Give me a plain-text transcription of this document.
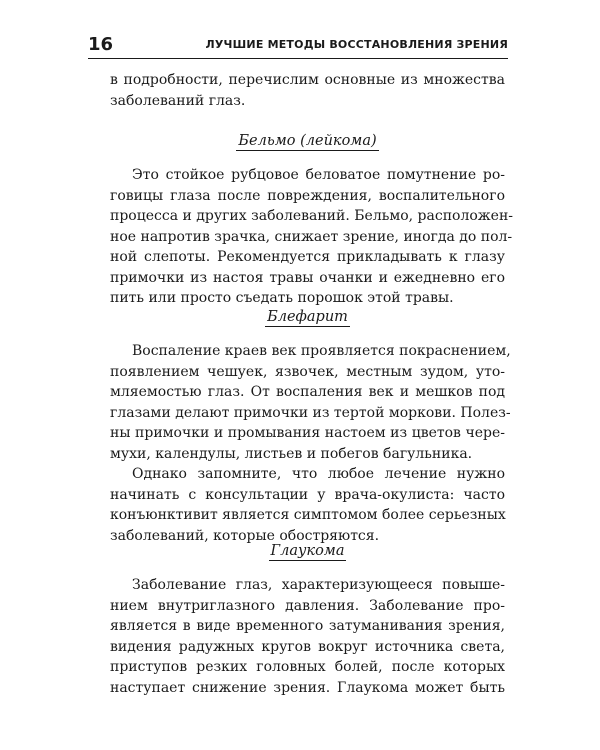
16	ЛУЧШИЕ МЕТОДЫ ВОССТАНОВЛЕНИЯ ЗРЕНИЯ
в подробности, перечислим основные из множества
заболеваний глаз.
Бельмо (лейкома)
Это стойкое рубцовое беловатое помутнение ро-
говицы глаза после повреждения, воспалительного
процесса и других заболеваний. Бельмо, расположен-
ное напротив зрачка, снижает зрение, иногда до пол-
ной слепоты. Рекомендуется прикладывать к глазу
примочки из настоя травы очанки и ежедневно его
пить или просто съедать порошок этой травы.
Блефарит
Воспаление краев век проявляется покраснением,
появлением чешуек, язвочек, местным зудом, уто-
мляемостью глаз. От воспаления век и мешков под
глазами делают примочки из тертой моркови. Полез-
ны примочки и промывания настоем из цветов чере-
мухи, календулы, листьев и побегов багульника.
Однако запомните, что любое лечение нужно
начинать с консультации у врача-окулиста: часто
конъюнктивит является симптомом более серьезных
заболеваний, которые обостряются.
Глаукома
Заболевание глаз, характеризующееся повыше-
нием внутриглазного давления. Заболевание про-
является в виде временного затуманивания зрения,
видения радужных кругов вокруг источника света,
приступов резких головных болей, после которых
наступает снижение зрения. Глаукома может быть
